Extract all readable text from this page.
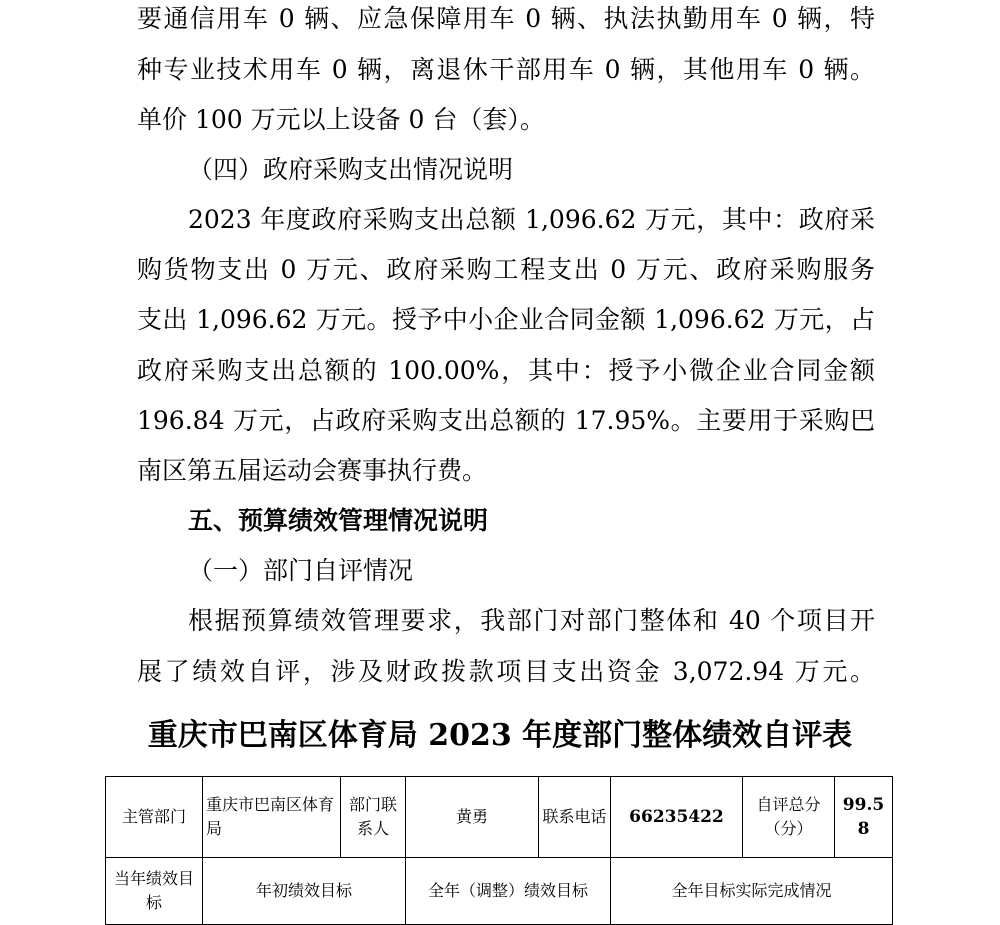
要通信用车 0 辆、应急保障用车 0 辆、执法执勤用车 0 辆，特
种专业技术用车 0 辆，离退休干部用车 0 辆，其他用车 0 辆。
单价 100 万元以上设备 0 台（套）。
（四）政府采购支出情况说明
2023 年度政府采购支出总额 1,096.62 万元，其中：政府采
购货物支出 0 万元、政府采购工程支出 0 万元、政府采购服务
支出 1,096.62 万元。授予中小企业合同金额 1,096.62 万元，占
政府采购支出总额的 100.00%，其中：授予小微企业合同金额
196.84 万元，占政府采购支出总额的 17.95%。主要用于采购巴
南区第五届运动会赛事执行费。
五、预算绩效管理情况说明
（一）部门自评情况
根据预算绩效管理要求，我部门对部门整体和 40 个项目开
展了绩效自评，涉及财政拨款项目支出资金 3,072.94 万元。
重庆市巴南区体育局 2023 年度部门整体绩效自评表
主管部门	重庆市巴南区体育局	部门联系人	黄勇	联系电话	66235422	自评总分（分）	99.58
当年绩效目标	年初绩效目标		全年（调整）绩效目标		全年目标实际完成情况		
